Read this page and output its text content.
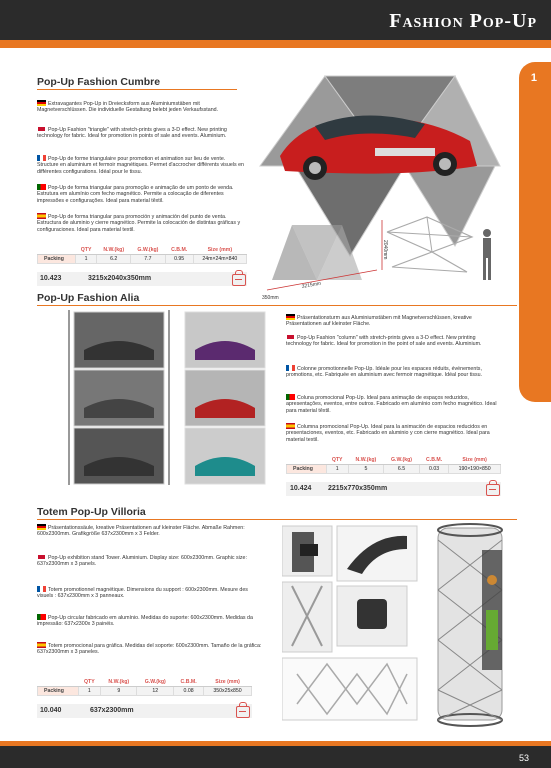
Fashion Pop-Up
1
Pop-Up Fashion Cumbre
Extravagantes Pop-Up in Dreiecksform aus Aluminiumstäben mit Magnetverschlüssen. Die individuelle Gestaltung belebt jeden Verkaufsstand.
Pop-Up Fashion "triangle" with stretch-prints gives a 3-D effect. New printing technology for fabric. Ideal for promotion in points of sale and events. Aluminium.
Pop-Up de forme triangulaire pour promotion et animation sur lieu de vente. Structure en aluminium et fermoir magnétiques. Permet d'accrocher différents visuels en différentes configurations. Idéal pour le tissu.
Pop-Up de forma triangular para promoção e animação de um ponto de venda. Estrutura em alumínio com fecho magnético. Permite a colocação de diferentes impressões e configurações. Ideal para material têxtil.
Pop-Up de forma triangular para promoción y animación del punto de venta. Estructura de aluminio y cierre magnético. Permite la colocación de distintas gráficas y configuraciones. Ideal para material textil.
	QTY	N.W.(kg)	G.W.(kg)	C.B.M.	Size (mm)
Packing	1	6.2	7.7	0.95	24m×24m×840
10.423	3215x2040x350mm
2040mm
3215mm
350mm
Pop-Up Fashion Alia
Präsentationsturm aus Aluminiumstäben mit Magnetverschlüssen, kreative Präsentationen auf kleinster Fläche.
Pop-Up Fashion "column" with stretch-prints gives a 3-D effect. New printing technology for fabric. Ideal for promotion in the point of sale and events. Aluminium.
Colonne promotionnelle Pop-Up. Idéale pour les espaces réduits, événements, promotions, etc. Fabriquée en aluminium avec fermoir magnétique. Idéal pour tissu.
Coluna promocional Pop-Up. Ideal para animação de espaços reduzidos, apresentações, eventos, entre outros. Fabricado em alumínio com fecho magnético. Ideal para material têxtil.
Columna promocional Pop-Up. Ideal para la animación de espacios reducidos en presentaciones, eventos, etc. Fabricado en aluminio y con cierre magnético. Ideal para material textil.
	QTY	N.W.(kg)	G.W.(kg)	C.B.M.	Size (mm)
Packing	1	5	6.5	0.03	190×190×850
10.424 2215x770x350mm
Totem Pop-Up Villoria
Präsentationssäule, kreative Präsentationen auf kleinster Fläche. Abmaße Rahmen: 600x2300mm. Grafikgröße 637x2300mm x 3 Felder.
Pop-Up exhibition stand Tower. Aluminium. Display size: 600x2300mm. Graphic size: 637x2300mm x 3 panels.
Totem promotionnel magnétique. Dimensions du support : 600x2300mm. Mesure des visuels : 637x2300mm x 3 panneaux.
Pop-Up circular fabricado em alumínio. Medidas do suporte: 600x2300mm. Medidas da impressão: 637x2300x 3 painéis.
Totem promocional para gráfica. Medidas del soporte: 600x2300mm. Tamaño de la gráfica: 637x2300mm x 3 paneles.
	QTY	N.W.(kg)	G.W.(kg)	C.B.M.	Size (mm)
Packing	1	9	12	0.08	350x25x850
10.040	637x2300mm
53
